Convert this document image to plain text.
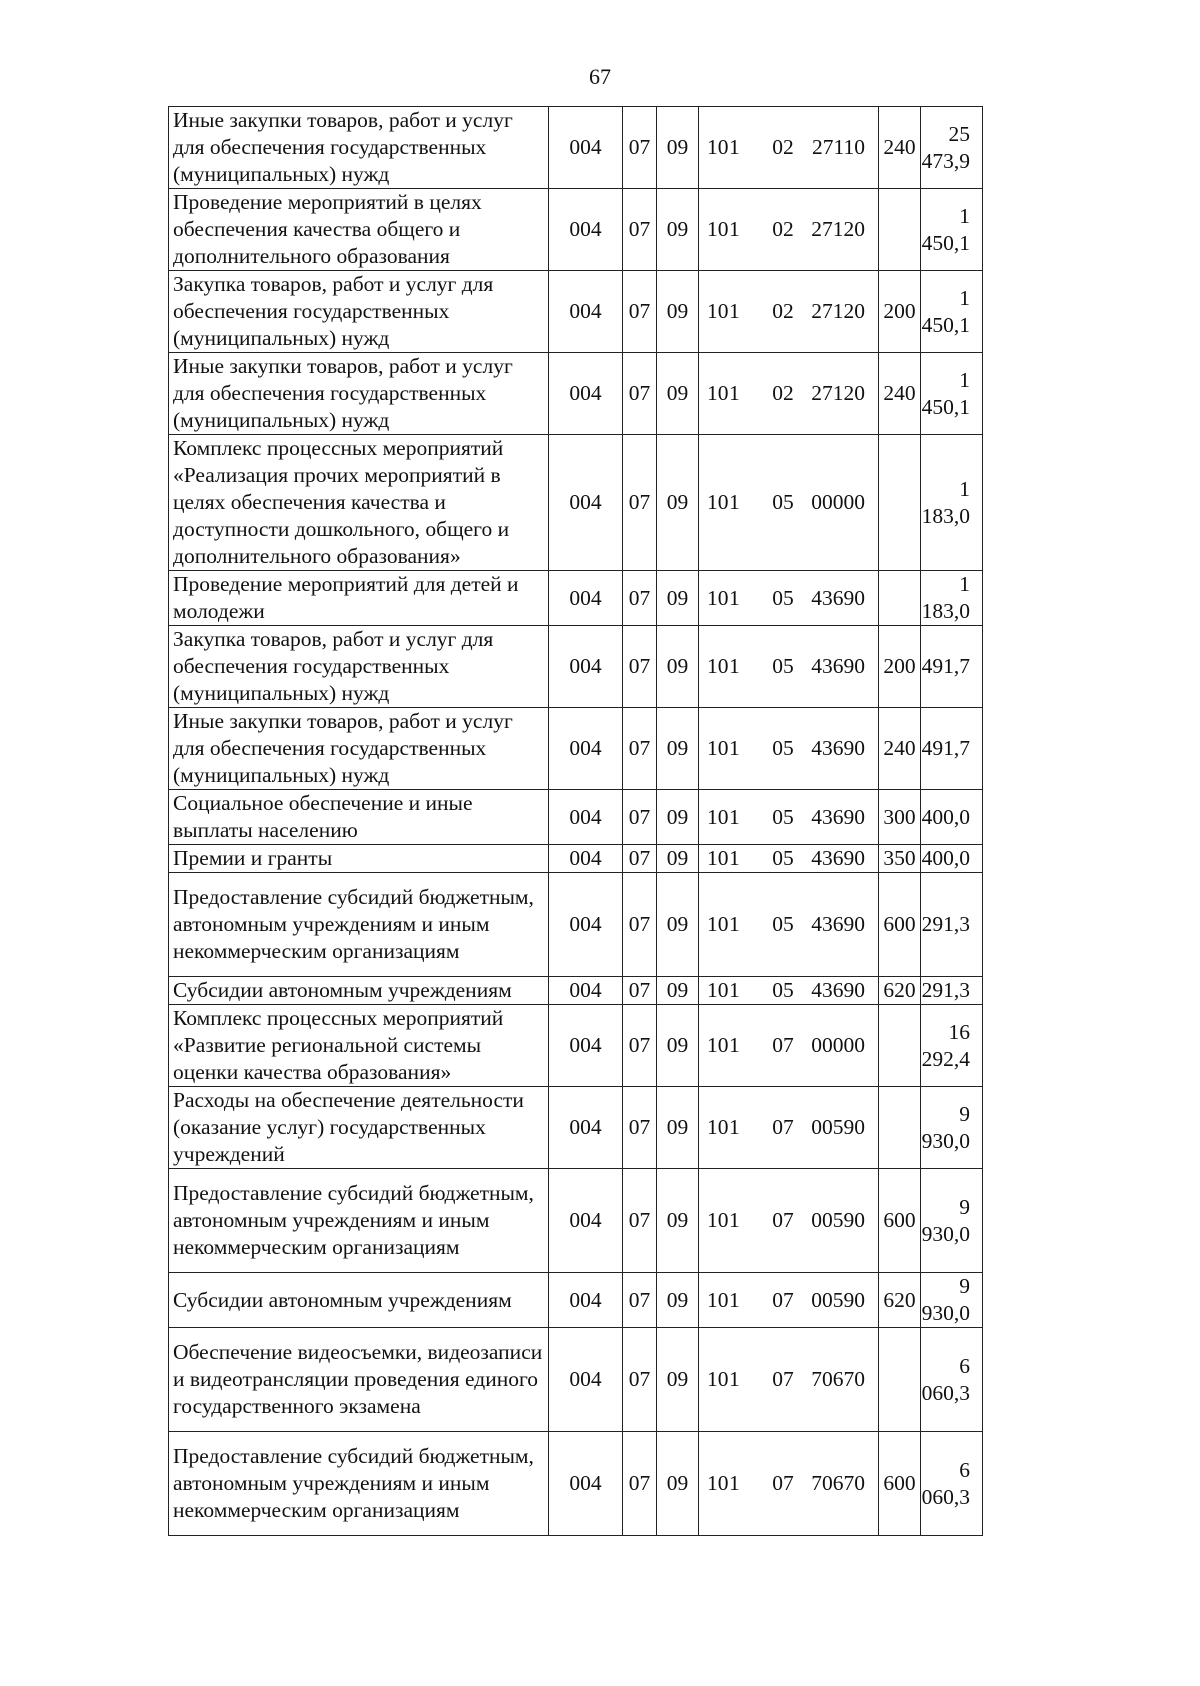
67
Иные закупки товаров, работ и услуг для обеспечения государственных (муниципальных) нужд	004	07	09	10 1 02 27110	240	25 473,9
Проведение мероприятий в целях обеспечения качества общего и дополнительного образования	004	07	09	10 1 02 27120		1 450,1
Закупка товаров, работ и услуг для обеспечения государственных (муниципальных) нужд	004	07	09	10 1 02 27120	200	1 450,1
Иные закупки товаров, работ и услуг для обеспечения государственных (муниципальных) нужд	004	07	09	10 1 02 27120	240	1 450,1
Комплекс процессных мероприятий «Реализация прочих мероприятий в целях обеспечения качества и доступности дошкольного, общего и дополнительного образования»	004	07	09	10 1 05 00000		1 183,0
Проведение мероприятий для детей и молодежи	004	07	09	10 1 05 43690		1 183,0
Закупка товаров, работ и услуг для обеспечения государственных (муниципальных) нужд	004	07	09	10 1 05 43690	200	491,7
Иные закупки товаров, работ и услуг для обеспечения государственных (муниципальных) нужд	004	07	09	10 1 05 43690	240	491,7
Социальное обеспечение и иные выплаты населению	004	07	09	10 1 05 43690	300	400,0
Премии и гранты	004	07	09	10 1 05 43690	350	400,0
Предоставление субсидий бюджетным, автономным учреждениям и иным некоммерческим организациям	004	07	09	10 1 05 43690	600	291,3
Субсидии автономным учреждениям	004	07	09	10 1 05 43690	620	291,3
Комплекс процессных мероприятий «Развитие региональной системы оценки качества образования»	004	07	09	10 1 07 00000		16 292,4
Расходы на обеспечение деятельности (оказание услуг) государственных учреждений	004	07	09	10 1 07 00590		9 930,0
Предоставление субсидий бюджетным, автономным учреждениям и иным некоммерческим организациям	004	07	09	10 1 07 00590	600	9 930,0
Субсидии автономным учреждениям	004	07	09	10 1 07 00590	620	9 930,0
Обеспечение видеосъемки, видеозаписи и видеотрансляции проведения единого государственного экзамена	004	07	09	10 1 07 70670		6 060,3
Предоставление субсидий бюджетным, автономным учреждениям и иным некоммерческим организациям	004	07	09	10 1 07 70670	600	6 060,3
